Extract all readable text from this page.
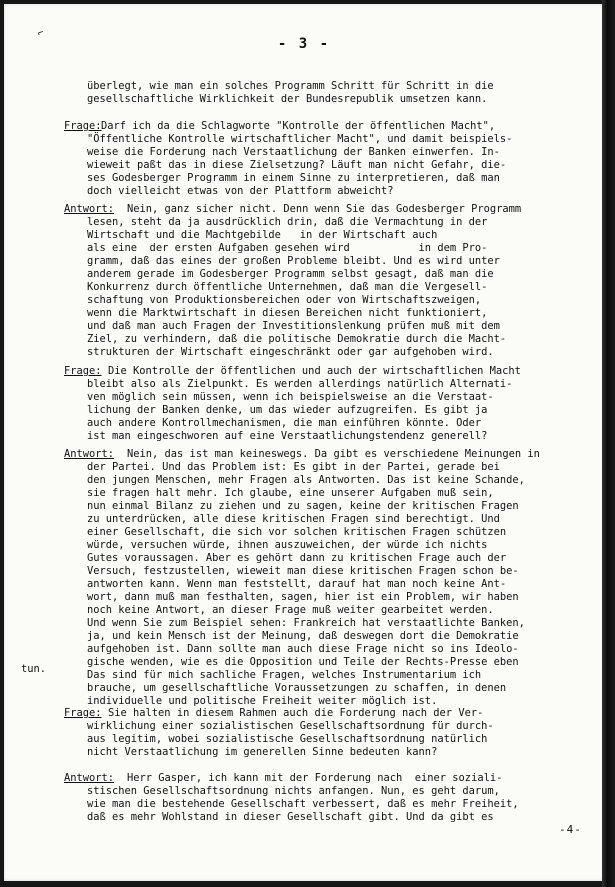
⌐
- 3 -
überlegt, wie man ein solches Programm Schritt für Schritt in die
gesellschaftliche Wirklichkeit der Bundesrepublik umsetzen kann.
Frage: Darf ich da die Schlagworte "Kontrolle der öffentlichen Macht",
"Öffentliche Kontrolle wirtschaftlicher Macht", und damit beispiels-
weise die Forderung nach Verstaatlichung der Banken einwerfen. In-
wieweit paßt das in diese Zielsetzung? Läuft man nicht Gefahr, die-
ses Godesberger Programm in einem Sinne zu interpretieren, daß man
doch vielleicht etwas von der Plattform abweicht?
Antwort: Nein, ganz sicher nicht. Denn wenn Sie das Godesberger Programm
lesen, steht da ja ausdrücklich drin, daß die Vermachtung in der
Wirtschaft und die Machtgebilde   in der Wirtschaft auch
als eine  der ersten Aufgaben gesehen wird           in dem Pro-
gramm, daß das eines der großen Probleme bleibt. Und es wird unter
anderem gerade im Godesberger Programm selbst gesagt, daß man die
Konkurrenz durch öffentliche Unternehmen, daß man die Vergesell-
schaftung von Produktionsbereichen oder von Wirtschaftszweigen,
wenn die Marktwirtschaft in diesen Bereichen nicht funktioniert,
und daß man auch Fragen der Investitionslenkung prüfen muß mit dem
Ziel, zu verhindern, daß die politische Demokratie durch die Macht-
strukturen der Wirtschaft eingeschränkt oder gar aufgehoben wird.
Frage: Die Kontrolle der öffentlichen und auch der wirtschaftlichen Macht
bleibt also als Zielpunkt. Es werden allerdings natürlich Alternati-
ven möglich sein müssen, wenn ich beispielsweise an die Verstaat-
lichung der Banken denke, um das wieder aufzugreifen. Es gibt ja
auch andere Kontrollmechanismen, die man einführen könnte. Oder
ist man eingeschworen auf eine Verstaatlichungstendenz generell?
Antwort: Nein, das ist man keineswegs. Da gibt es verschiedene Meinungen in
der Partei. Und das Problem ist: Es gibt in der Partei, gerade bei
den jungen Menschen, mehr Fragen als Antworten. Das ist keine Schande,
sie fragen halt mehr. Ich glaube, eine unserer Aufgaben muß sein,
nun einmal Bilanz zu ziehen und zu sagen, keine der kritischen Fragen
zu unterdrücken, alle diese kritischen Fragen sind berechtigt. Und
einer Gesellschaft, die sich vor solchen kritischen Fragen schützen
würde, versuchen würde, ihnen auszuweichen, der würde ich nichts
Gutes voraussagen. Aber es gehört dann zu kritischen Frage auch der
Versuch, festzustellen, wieweit man diese kritischen Fragen schon be-
antworten kann. Wenn man feststellt, darauf hat man noch keine Ant-
wort, dann muß man festhalten, sagen, hier ist ein Problem, wir haben
noch keine Antwort, an dieser Frage muß weiter gearbeitet werden.
Und wenn Sie zum Beispiel sehen: Frankreich hat verstaatlichte Banken,
ja, und kein Mensch ist der Meinung, daß deswegen dort die Demokratie
aufgehoben ist. Dann sollte man auch diese Frage nicht so ins Ideolo-
gische wenden, wie es die Opposition und Teile der Rechts-Presse eben
tun.	Das sind für mich sachliche Fragen, welches Instrumentarium ich
brauche, um gesellschaftliche Voraussetzungen zu schaffen, in denen
individuelle und politische Freiheit weiter möglich ist.
Frage: Sie halten in diesem Rahmen auch die Forderung nach der Ver-
wirklichung einer sozialistischen Gesellschaftsordnung für durch-
aus legitim, wobei sozialistische Gesellschaftsordnung natürlich
nicht Verstaatlichung im generellen Sinne bedeuten kann?
Antwort: Herr Gasper, ich kann mit der Forderung nach  einer soziali-
stischen Gesellschaftsordnung nichts anfangen. Nun, es geht darum,
wie man die bestehende Gesellschaft verbessert, daß es mehr Freiheit,
daß es mehr Wohlstand in dieser Gesellschaft gibt. Und da gibt es
-4-
